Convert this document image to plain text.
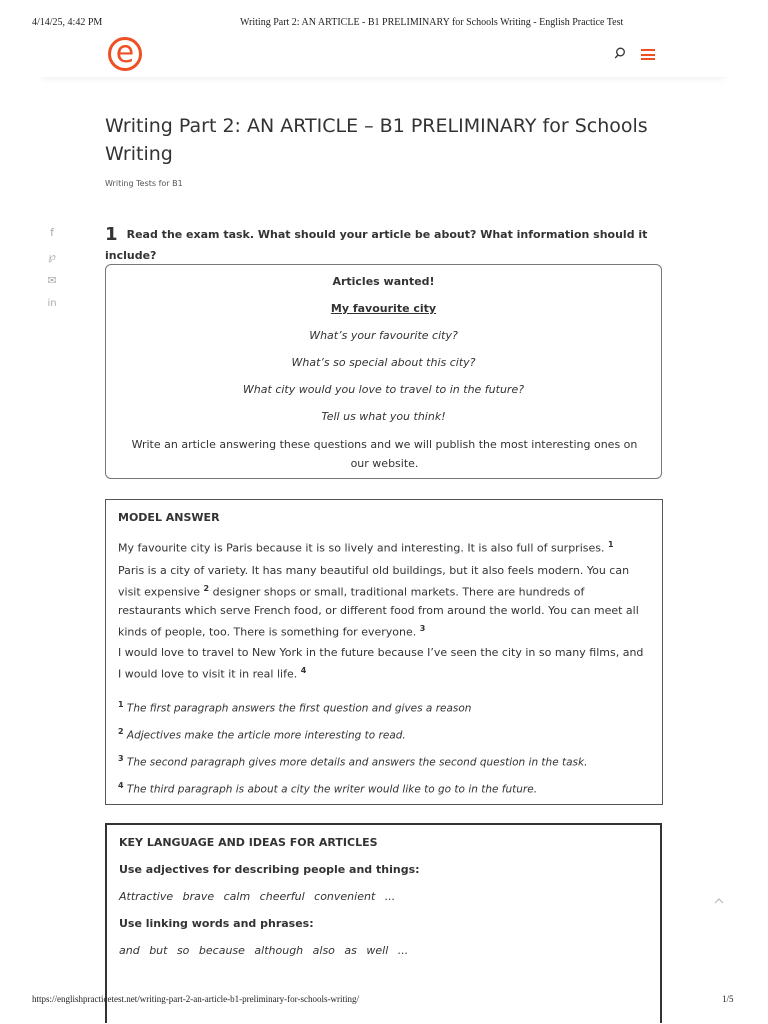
4/14/25, 4:42 PM	Writing Part 2: AN ARTICLE - B1 PRELIMINARY for Schools Writing - English Practice Test
e
Writing Part 2: AN ARTICLE – B1 PRELIMINARY for Schools Writing
Writing Tests for B1
f
℘
✉
in
1 Read the exam task. What should your article be about? What information should it include?

Articles wanted!

My favourite city

What’s your favourite city?

What’s so special about this city?

What city would you love to travel to in the future?

Tell us what you think!

Write an article answering these questions and we will publish the most interesting ones on our website.

MODEL ANSWER

My favourite city is Paris because it is so lively and interesting. It is also full of surprises. $^1$

Paris is a city of variety. It has many beautiful old buildings, but it also feels modern. You can visit expensive $^2$ designer shops or small, traditional markets. There are hundreds of restaurants which serve French food, or different food from around the world. You can meet all kinds of people, too. There is something for everyone. $^3$

I would love to travel to New York in the future because I’ve seen the city in so many films, and I would love to visit it in real life. $^4$

$^1$ The first paragraph answers the first question and gives a reason

$^2$ Adjectives make the article more interesting to read.

$^3$ The second paragraph gives more details and answers the second question in the task.

$^4$ The third paragraph is about a city the writer would like to go to in the future.

KEY LANGUAGE AND IDEAS FOR ARTICLES

Use adjectives for describing people and things:

Attractive brave calm cheerful convenient ...

Use linking words and phrases:

and but so because although also as well ...

https://englishpracticetest.net/writing-part-2-an-article-b1-preliminary-for-schools-writing/	1/5
